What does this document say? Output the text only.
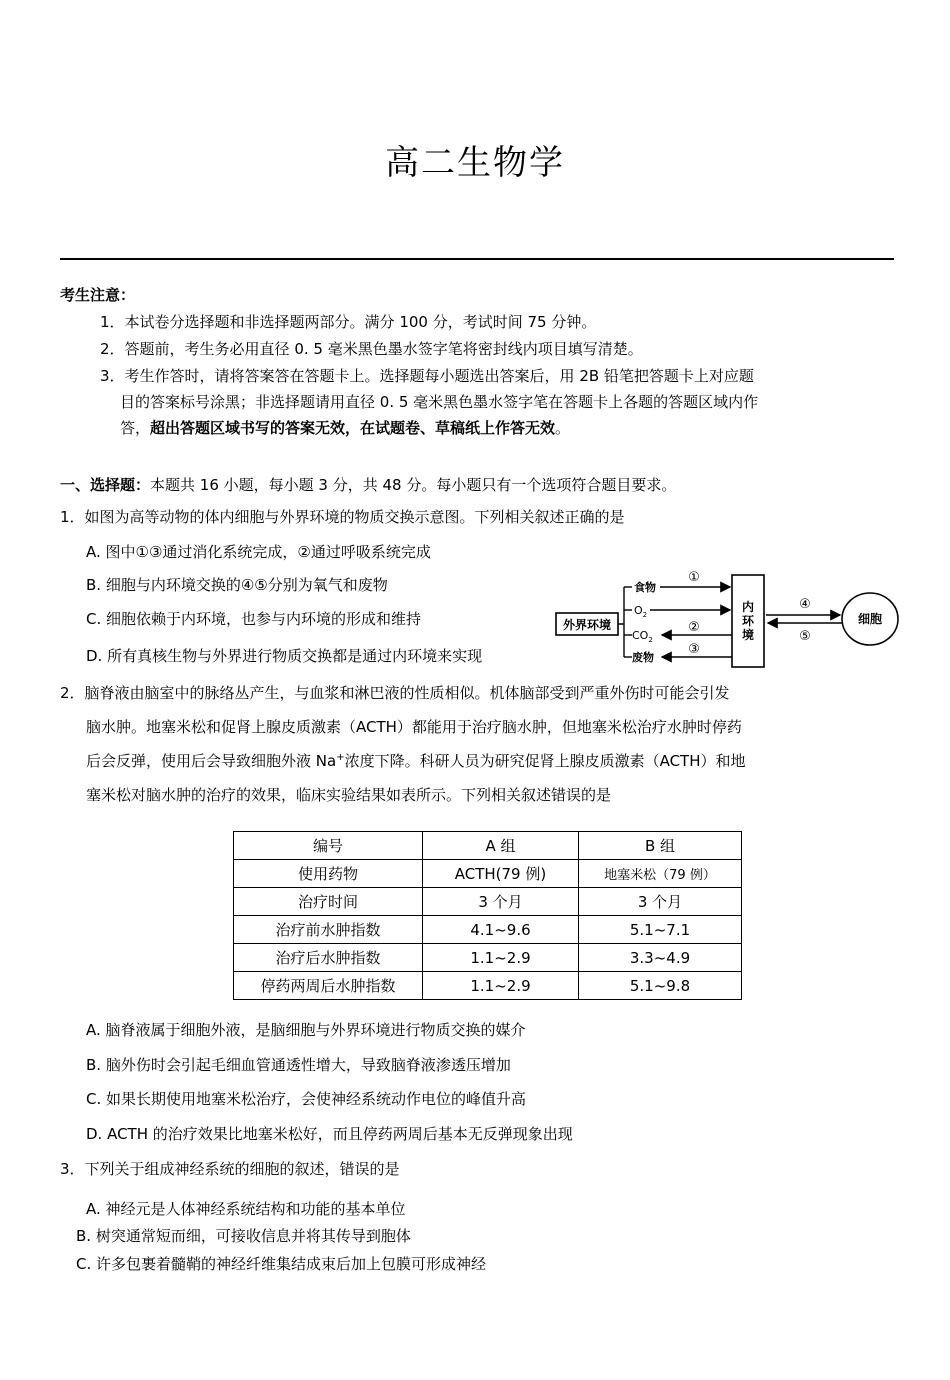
高二生物学
考生注意：
1．本试卷分选择题和非选择题两部分。满分 100 分，考试时间 75 分钟。
2．答题前，考生务必用直径 0. 5 毫米黑色墨水签字笔将密封线内项目填写清楚。
3．考生作答时，请将答案答在答题卡上。选择题每小题选出答案后，用 2B 铅笔把答题卡上对应题
目的答案标号涂黑；非选择题请用直径 0. 5 毫米黑色墨水签字笔在答题卡上各题的答题区域内作
答，超出答题区域书写的答案无效，在试题卷、草稿纸上作答无效。
一、选择题：本题共 16 小题，每小题 3 分，共 48 分。每小题只有一个选项符合题目要求。
1．如图为高等动物的体内细胞与外界环境的物质交换示意图。下列相关叙述正确的是
A. 图中①③通过消化系统完成，②通过呼吸系统完成
B. 细胞与内环境交换的④⑤分别为氧气和废物
C. 细胞依赖于内环境，也参与内环境的形成和维持
D. 所有真核生物与外界进行物质交换都是通过内环境来实现
外界环境
食物
$O_2$
$CO_2$
废物
①
②
③
内
环
境
④
⑤
细胞
2．脑脊液由脑室中的脉络丛产生，与血浆和淋巴液的性质相似。机体脑部受到严重外伤时可能会引发
脑水肿。地塞米松和促肾上腺皮质激素（ACTH）都能用于治疗脑水肿，但地塞米松治疗水肿时停药
后会反弹，使用后会导致细胞外液 Na+浓度下降。科研人员为研究促肾上腺皮质激素（ACTH）和地
塞米松对脑水肿的治疗的效果，临床实验结果如表所示。下列相关叙述错误的是
编号	A 组	B 组
使用药物	ACTH(79 例)	地塞米松（79 例）
治疗时间	3 个月	3 个月
治疗前水肿指数	4.1~9.6	5.1~7.1
治疗后水肿指数	1.1~2.9	3.3~4.9
停药两周后水肿指数	1.1~2.9	5.1~9.8
A. 脑脊液属于细胞外液，是脑细胞与外界环境进行物质交换的媒介
B. 脑外伤时会引起毛细血管通透性增大，导致脑脊液渗透压增加
C. 如果长期使用地塞米松治疗，会使神经系统动作电位的峰值升高
D. ACTH 的治疗效果比地塞米松好，而且停药两周后基本无反弹现象出现
3．下列关于组成神经系统的细胞的叙述，错误的是
A. 神经元是人体神经系统结构和功能的基本单位
B. 树突通常短而细，可接收信息并将其传导到胞体
C. 许多包裹着髓鞘的神经纤维集结成束后加上包膜可形成神经
